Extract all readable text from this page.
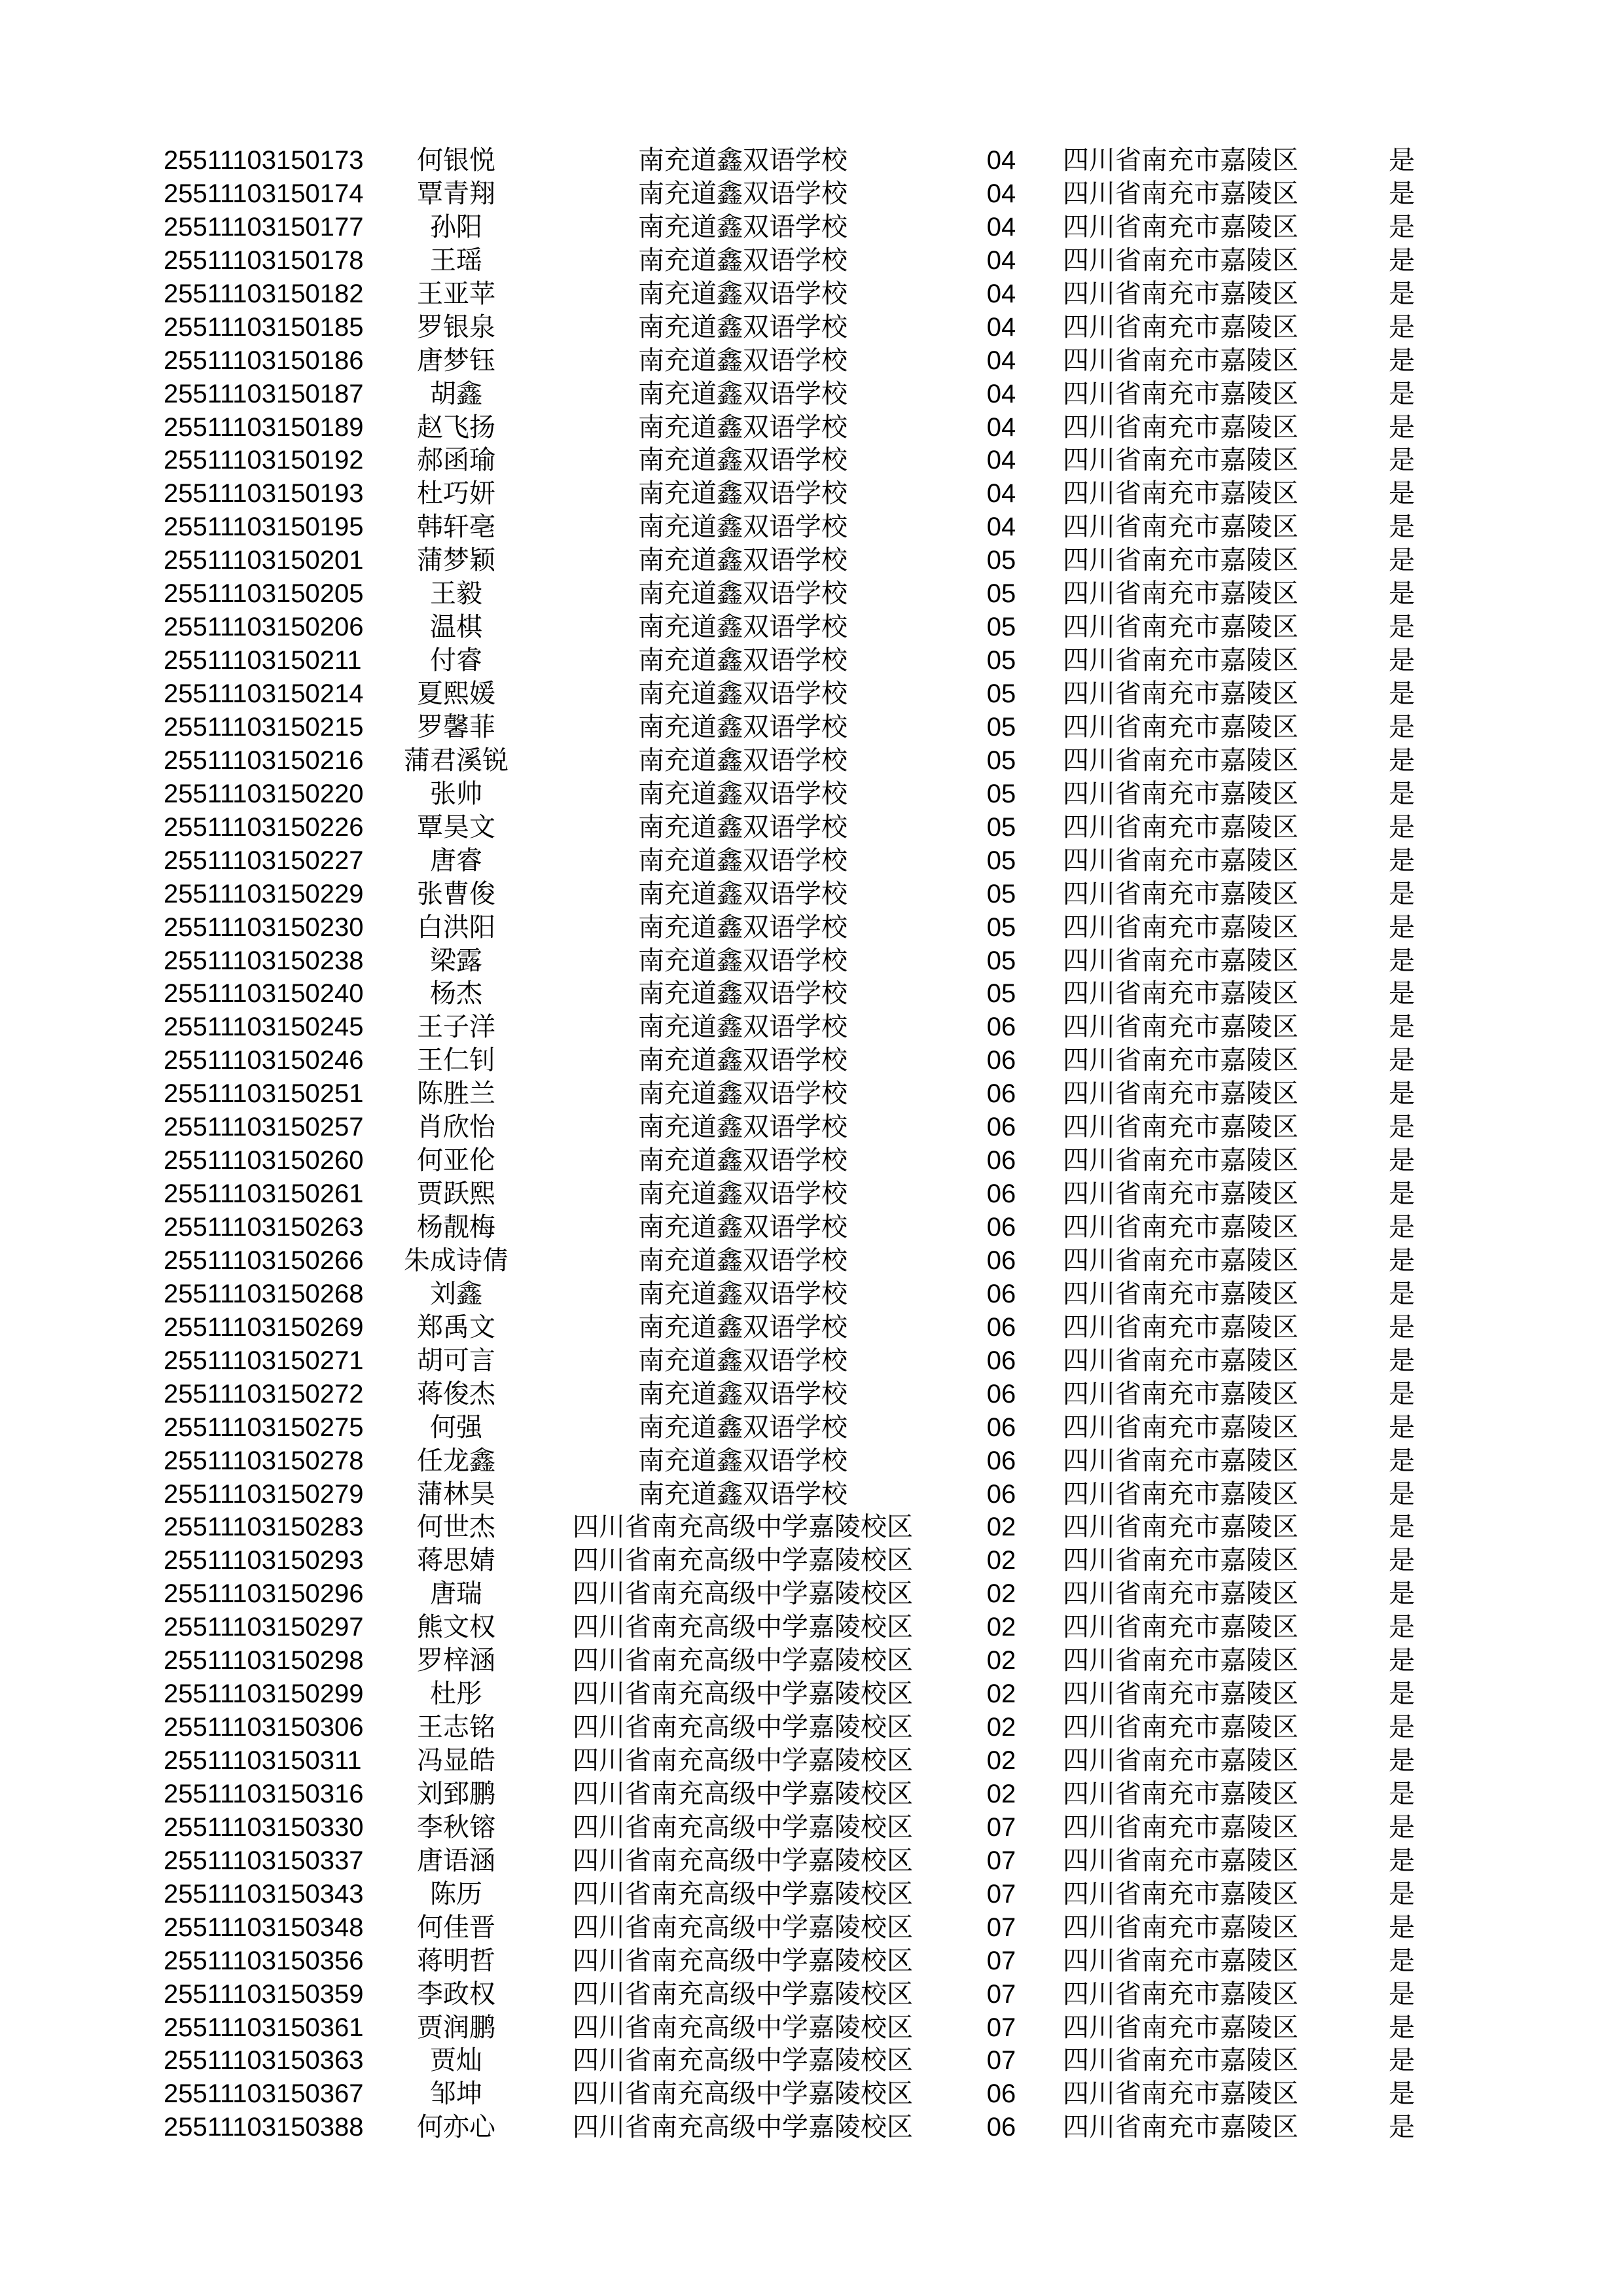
25511103150173	何银悦	南充道鑫双语学校	04	四川省南充市嘉陵区	是
25511103150174	覃青翔	南充道鑫双语学校	04	四川省南充市嘉陵区	是
25511103150177	孙阳	南充道鑫双语学校	04	四川省南充市嘉陵区	是
25511103150178	王瑶	南充道鑫双语学校	04	四川省南充市嘉陵区	是
25511103150182	王亚苹	南充道鑫双语学校	04	四川省南充市嘉陵区	是
25511103150185	罗银泉	南充道鑫双语学校	04	四川省南充市嘉陵区	是
25511103150186	唐梦钰	南充道鑫双语学校	04	四川省南充市嘉陵区	是
25511103150187	胡鑫	南充道鑫双语学校	04	四川省南充市嘉陵区	是
25511103150189	赵飞扬	南充道鑫双语学校	04	四川省南充市嘉陵区	是
25511103150192	郝函瑜	南充道鑫双语学校	04	四川省南充市嘉陵区	是
25511103150193	杜巧妍	南充道鑫双语学校	04	四川省南充市嘉陵区	是
25511103150195	韩轩亳	南充道鑫双语学校	04	四川省南充市嘉陵区	是
25511103150201	蒲梦颖	南充道鑫双语学校	05	四川省南充市嘉陵区	是
25511103150205	王毅	南充道鑫双语学校	05	四川省南充市嘉陵区	是
25511103150206	温棋	南充道鑫双语学校	05	四川省南充市嘉陵区	是
25511103150211	付睿	南充道鑫双语学校	05	四川省南充市嘉陵区	是
25511103150214	夏熙媛	南充道鑫双语学校	05	四川省南充市嘉陵区	是
25511103150215	罗馨菲	南充道鑫双语学校	05	四川省南充市嘉陵区	是
25511103150216	蒲君溪锐	南充道鑫双语学校	05	四川省南充市嘉陵区	是
25511103150220	张帅	南充道鑫双语学校	05	四川省南充市嘉陵区	是
25511103150226	覃昊文	南充道鑫双语学校	05	四川省南充市嘉陵区	是
25511103150227	唐睿	南充道鑫双语学校	05	四川省南充市嘉陵区	是
25511103150229	张曹俊	南充道鑫双语学校	05	四川省南充市嘉陵区	是
25511103150230	白洪阳	南充道鑫双语学校	05	四川省南充市嘉陵区	是
25511103150238	梁露	南充道鑫双语学校	05	四川省南充市嘉陵区	是
25511103150240	杨杰	南充道鑫双语学校	05	四川省南充市嘉陵区	是
25511103150245	王子洋	南充道鑫双语学校	06	四川省南充市嘉陵区	是
25511103150246	王仁钊	南充道鑫双语学校	06	四川省南充市嘉陵区	是
25511103150251	陈胜兰	南充道鑫双语学校	06	四川省南充市嘉陵区	是
25511103150257	肖欣怡	南充道鑫双语学校	06	四川省南充市嘉陵区	是
25511103150260	何亚伦	南充道鑫双语学校	06	四川省南充市嘉陵区	是
25511103150261	贾跃熙	南充道鑫双语学校	06	四川省南充市嘉陵区	是
25511103150263	杨靓梅	南充道鑫双语学校	06	四川省南充市嘉陵区	是
25511103150266	朱成诗倩	南充道鑫双语学校	06	四川省南充市嘉陵区	是
25511103150268	刘鑫	南充道鑫双语学校	06	四川省南充市嘉陵区	是
25511103150269	郑禹文	南充道鑫双语学校	06	四川省南充市嘉陵区	是
25511103150271	胡可言	南充道鑫双语学校	06	四川省南充市嘉陵区	是
25511103150272	蒋俊杰	南充道鑫双语学校	06	四川省南充市嘉陵区	是
25511103150275	何强	南充道鑫双语学校	06	四川省南充市嘉陵区	是
25511103150278	任龙鑫	南充道鑫双语学校	06	四川省南充市嘉陵区	是
25511103150279	蒲林昊	南充道鑫双语学校	06	四川省南充市嘉陵区	是
25511103150283	何世杰	四川省南充高级中学嘉陵校区	02	四川省南充市嘉陵区	是
25511103150293	蒋思婧	四川省南充高级中学嘉陵校区	02	四川省南充市嘉陵区	是
25511103150296	唐瑞	四川省南充高级中学嘉陵校区	02	四川省南充市嘉陵区	是
25511103150297	熊文权	四川省南充高级中学嘉陵校区	02	四川省南充市嘉陵区	是
25511103150298	罗梓涵	四川省南充高级中学嘉陵校区	02	四川省南充市嘉陵区	是
25511103150299	杜彤	四川省南充高级中学嘉陵校区	02	四川省南充市嘉陵区	是
25511103150306	王志铭	四川省南充高级中学嘉陵校区	02	四川省南充市嘉陵区	是
25511103150311	冯显皓	四川省南充高级中学嘉陵校区	02	四川省南充市嘉陵区	是
25511103150316	刘郅鹏	四川省南充高级中学嘉陵校区	02	四川省南充市嘉陵区	是
25511103150330	李秋镕	四川省南充高级中学嘉陵校区	07	四川省南充市嘉陵区	是
25511103150337	唐语涵	四川省南充高级中学嘉陵校区	07	四川省南充市嘉陵区	是
25511103150343	陈历	四川省南充高级中学嘉陵校区	07	四川省南充市嘉陵区	是
25511103150348	何佳晋	四川省南充高级中学嘉陵校区	07	四川省南充市嘉陵区	是
25511103150356	蒋明哲	四川省南充高级中学嘉陵校区	07	四川省南充市嘉陵区	是
25511103150359	李政权	四川省南充高级中学嘉陵校区	07	四川省南充市嘉陵区	是
25511103150361	贾润鹏	四川省南充高级中学嘉陵校区	07	四川省南充市嘉陵区	是
25511103150363	贾灿	四川省南充高级中学嘉陵校区	07	四川省南充市嘉陵区	是
25511103150367	邹坤	四川省南充高级中学嘉陵校区	06	四川省南充市嘉陵区	是
25511103150388	何亦心	四川省南充高级中学嘉陵校区	06	四川省南充市嘉陵区	是
